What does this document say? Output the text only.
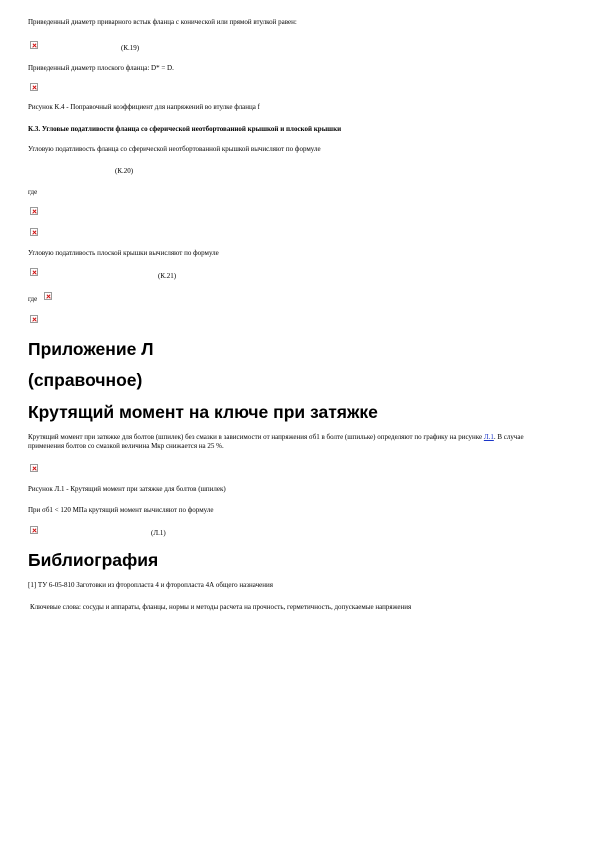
Приведенный диаметр приварного встык фланца с конической или прямой втулкой равен:
(К.19)
Приведенный диаметр плоского фланца: D* = D.
Рисунок К.4 - Поправочный коэффициент для напряжений во втулке фланца f
К.3. Угловые податливости фланца со сферической неотбортованной крышкой и плоской крышки
Угловую податливость фланца со сферической неотбортованной крышкой вычисляют по формуле
(К.20)
где
Угловую податливость плоской крышки вычисляют по формуле
(К.21)
где
Приложение Л
(справочное)
Крутящий момент на ключе при затяжке
Крутящий момент при затяжке для болтов (шпилек) без смазки в зависимости от напряжения σб1 в болте (шпильке) определяют по графику на рисунке Л.1. В случае применения болтов со смазкой величина Мкр снижается на 25 %.
Рисунок Л.1 - Крутящий момент при затяжке для болтов (шпилек)
При σб1 < 120 МПа крутящий момент вычисляют по формуле
(Л.1)
Библиография
[1] ТУ 6-05-810 Заготовки из фторопласта 4 и фторопласта 4А общего назначения
Ключевые слова: сосуды и аппараты, фланцы, нормы и методы расчета на прочность, герметичность, допускаемые напряжения
